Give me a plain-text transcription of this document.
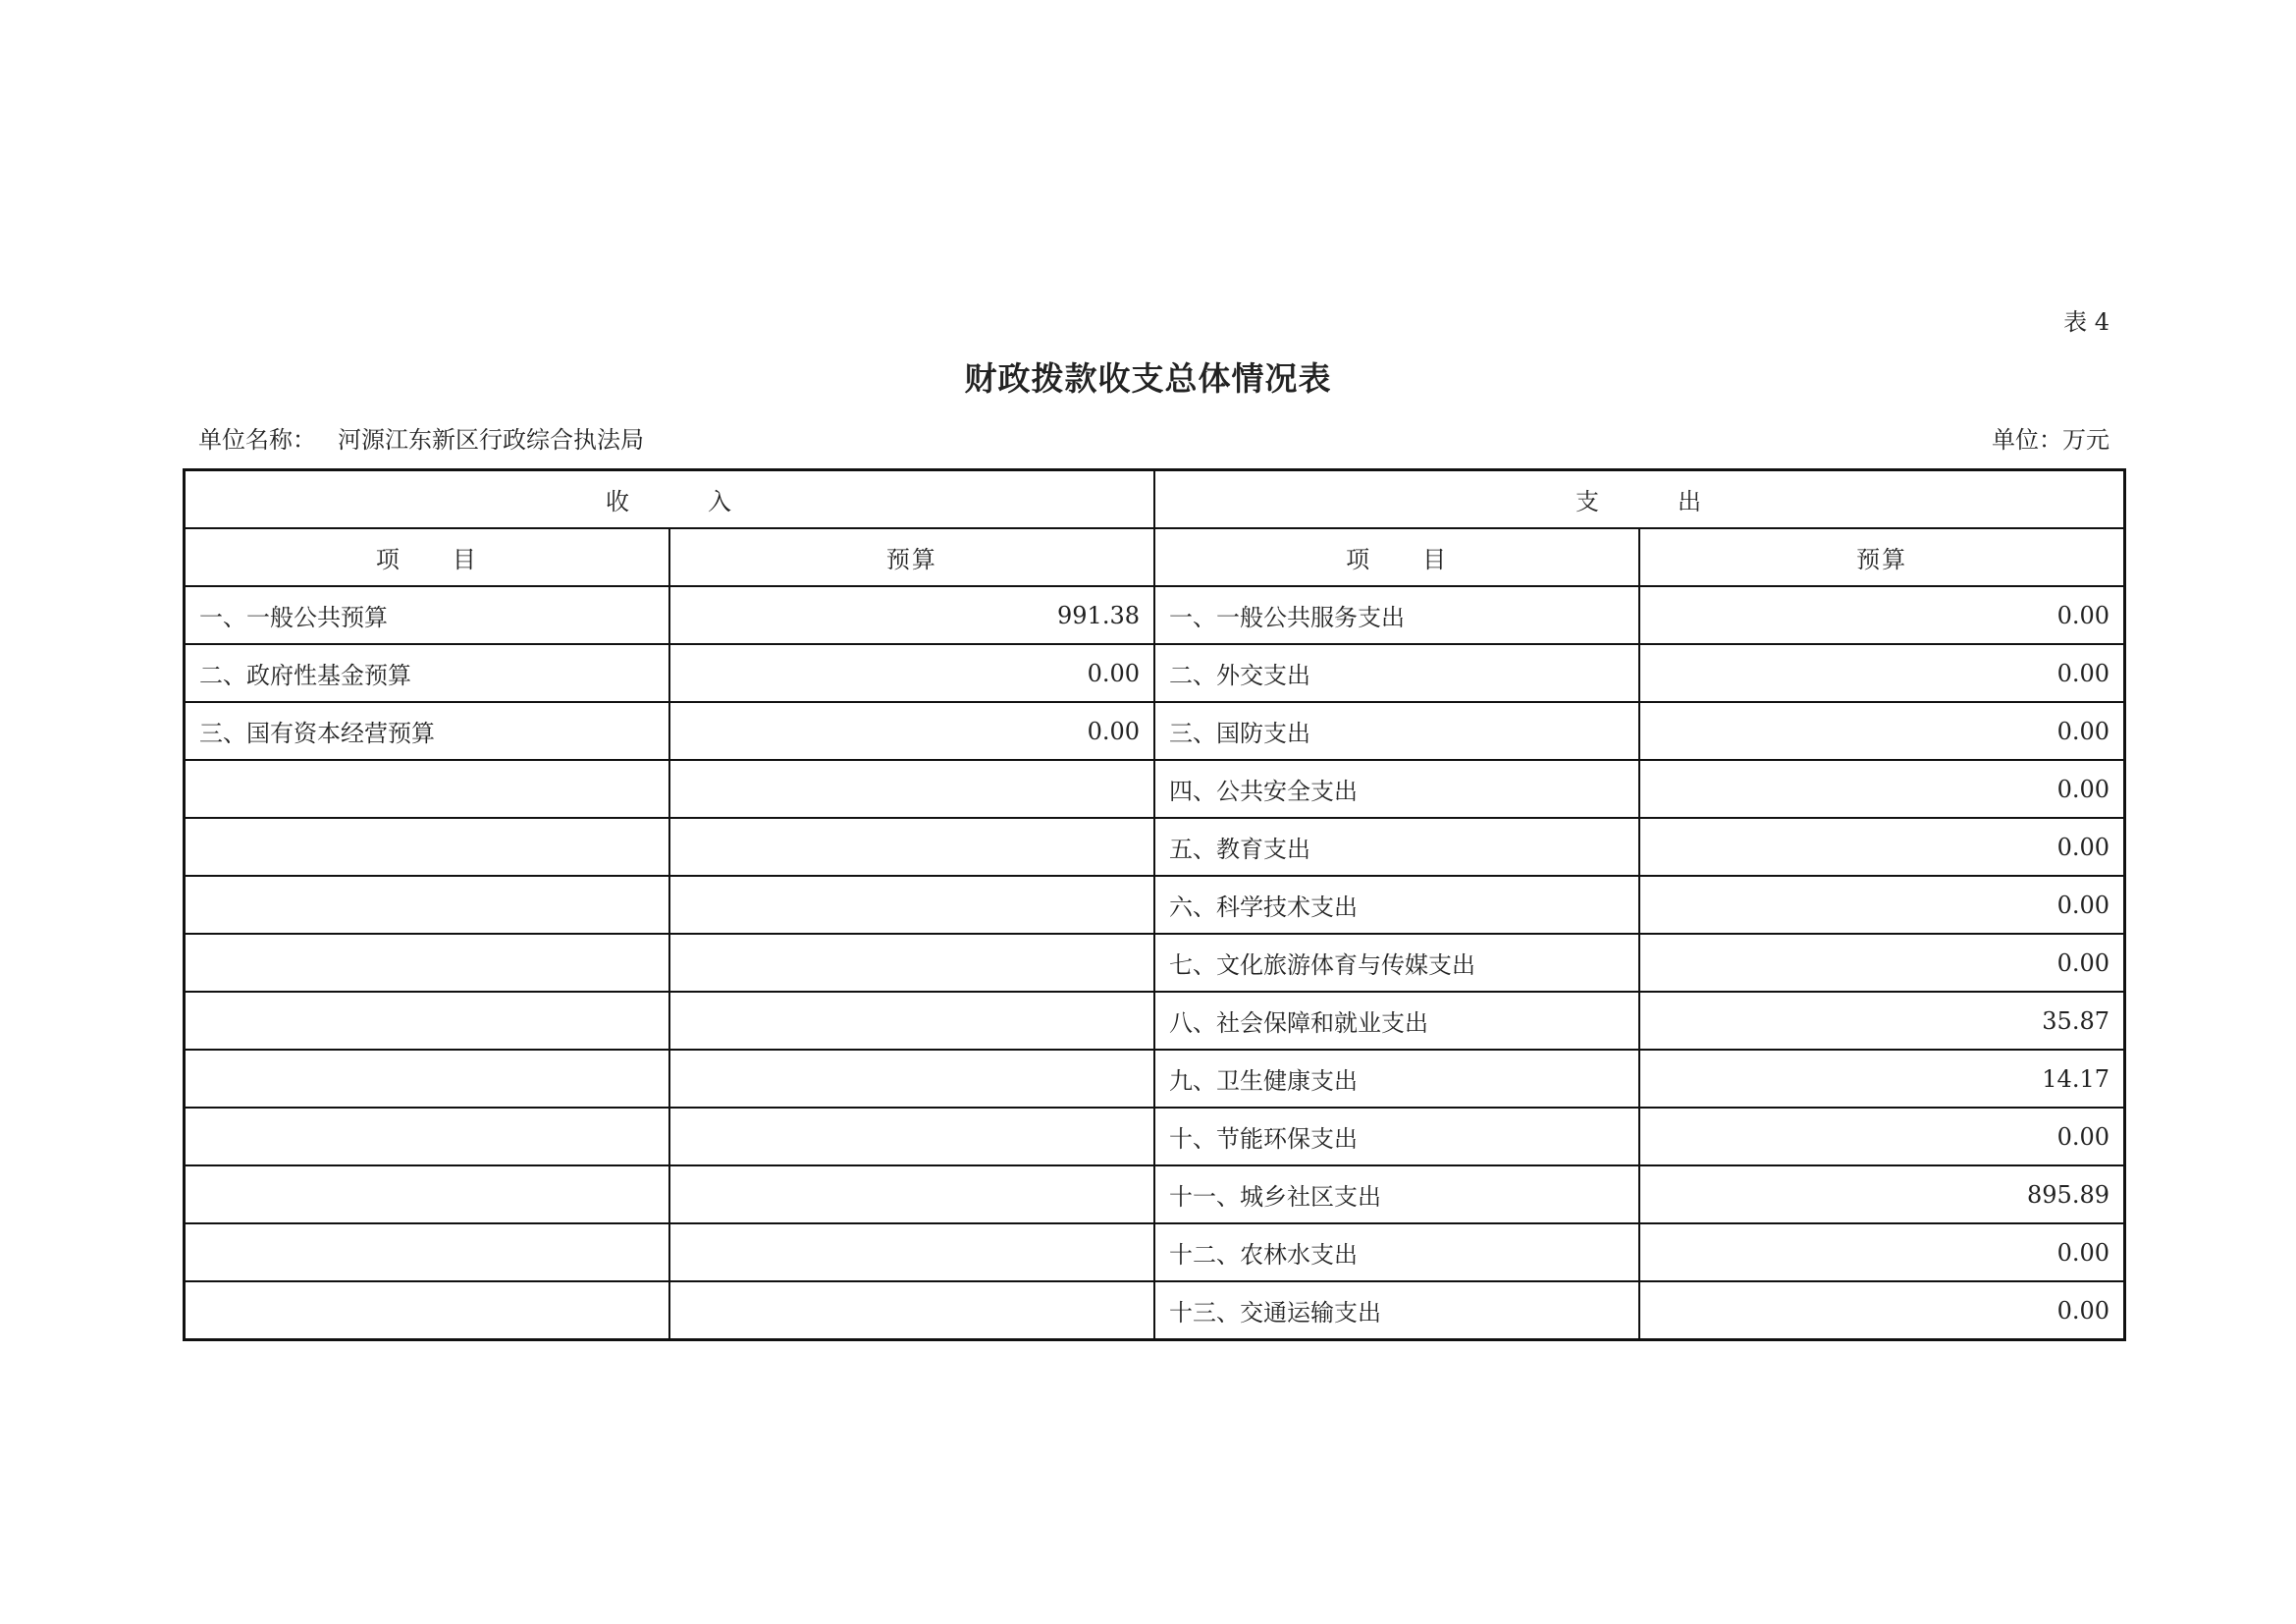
表 4
财政拨款收支总体情况表
单位名称： 河源江东新区行政综合执法局	单位：万元
收　　　入		支　　　出	
项　　目	预算	项　　目	预算
一、一般公共预算	991.38	一、一般公共服务支出	0.00
二、政府性基金预算	0.00	二、外交支出	0.00
三、国有资本经营预算	0.00	三、国防支出	0.00
		四、公共安全支出	0.00
		五、教育支出	0.00
		六、科学技术支出	0.00
		七、文化旅游体育与传媒支出	0.00
		八、社会保障和就业支出	35.87
		九、卫生健康支出	14.17
		十、节能环保支出	0.00
		十一、城乡社区支出	895.89
		十二、农林水支出	0.00
		十三、交通运输支出	0.00
